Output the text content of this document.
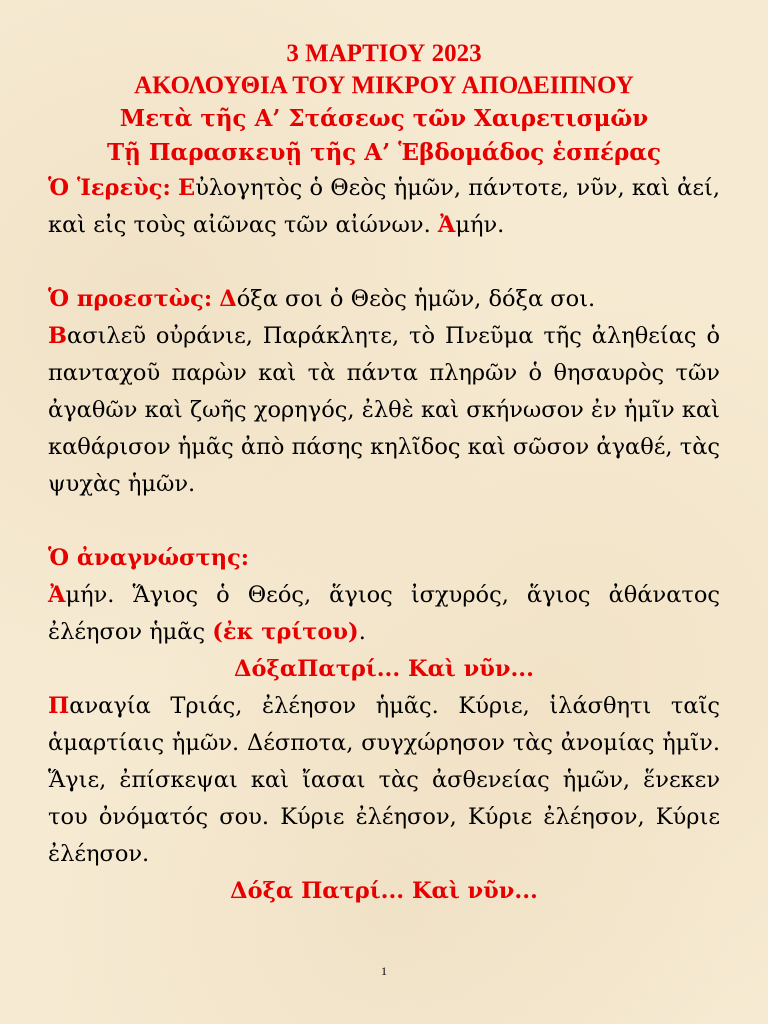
3 ΜΑΡΤΙΟΥ 2023

ΑΚΟΛΟΥΘΙΑ ΤΟΥ ΜΙΚΡΟΥ ΑΠΟΔΕΙΠΝΟΥ

Μετὰ τῆς Α’ Στάσεως τῶν Χαιρετισμῶν

Τῇ Παρασκευῇ τῆς Α’ Ἑβδομάδος ἑσπέρας

Ὁ Ἱερεὺς: Εὐλογητὸς ὁ Θεὸς ἡμῶν, πάντοτε, νῦν, καὶ ἀεί, καὶ εἰς τοὺς αἰῶνας τῶν αἰώνων. Ἀμήν.

Ὁ προεστὼς: Δόξα σοι ὁ Θεὸς ἡμῶν, δόξα σοι.

Βασιλεῦ οὐράνιε, Παράκλητε, τὸ Πνεῦμα τῆς ἀληθείας ὁ πανταχοῦ παρὼν καὶ τὰ πάντα πληρῶν ὁ θησαυρὸς τῶν ἀγαθῶν καὶ ζωῆς χορηγός, ἐλθὲ καὶ σκήνωσον ἐν ἡμῖν καὶ καθάρισον ἡμᾶς ἀπὸ πάσης κηλῖδος καὶ σῶσον ἀγαθέ, τὰς ψυχὰς ἡμῶν.

Ὁ ἀναγνώστης:

Ἀμήν. Ἅγιος ὁ Θεός, ἅγιος ἰσχυρός, ἅγιος ἀθάνατος ἐλέησον ἡμᾶς (ἐκ τρίτου).

ΔόξαΠατρί... Καὶ νῦν...

Παναγία Τριάς, ἐλέησον ἡμᾶς. Κύριε, ἱλάσθητι ταῖς ἁμαρτίαις ἡμῶν. Δέσποτα, συγχώρησον τὰς ἀνομίας ἡμῖν. Ἅγιε, ἐπίσκεψαι καὶ ἴασαι τὰς ἀσθενείας ἡμῶν, ἕνεκεν του ὀνόματός σου. Κύριε ἐλέησον, Κύριε ἐλέησον, Κύριε ἐλέησον.

Δόξα Πατρί... Καὶ νῦν...

1
